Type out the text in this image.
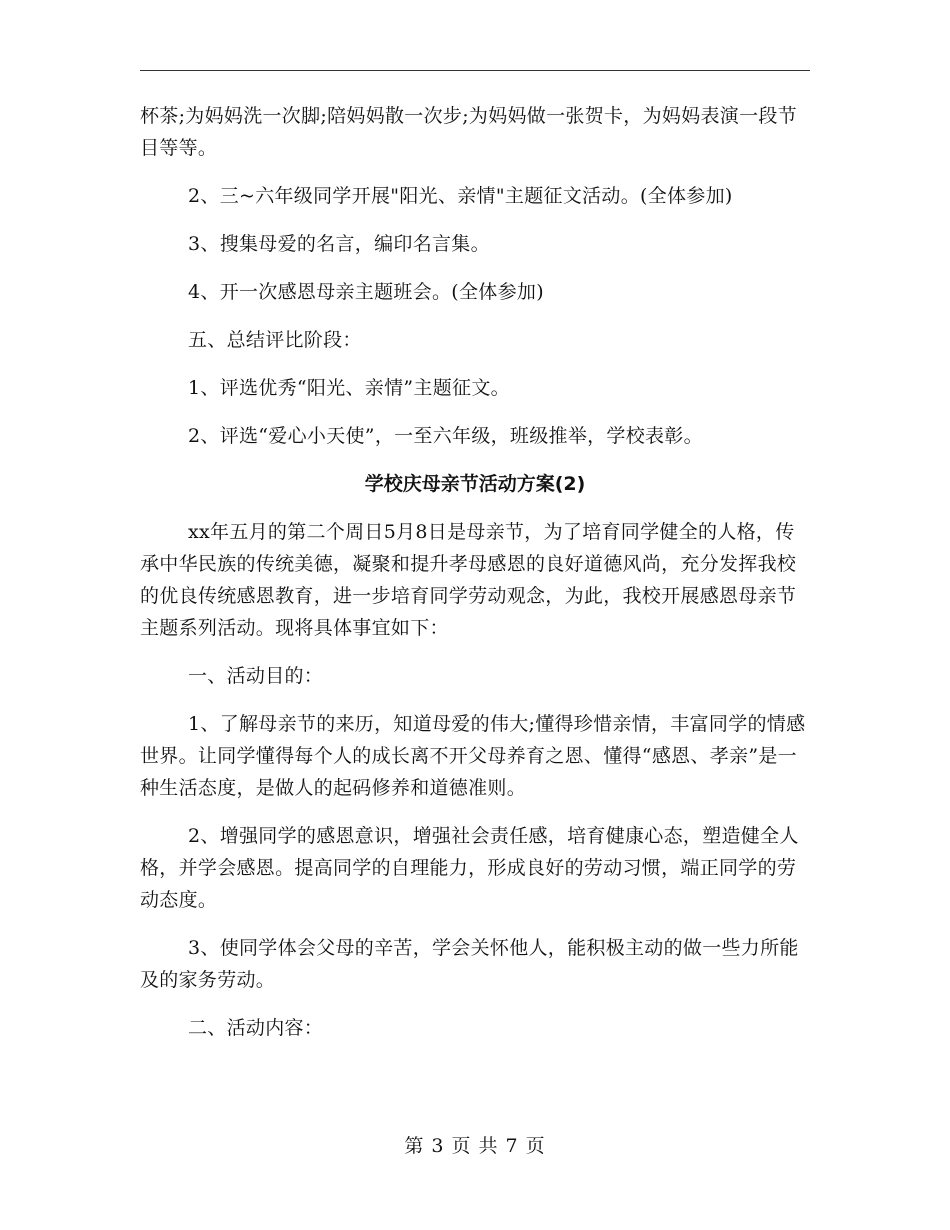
杯茶;为妈妈洗一次脚;陪妈妈散一次步;为妈妈做一张贺卡，为妈妈表演一段节目等等。

2、三~六年级同学开展"阳光、亲情"主题征文活动。(全体参加)

3、搜集母爱的名言，编印名言集。

4、开一次感恩母亲主题班会。(全体参加)

五、总结评比阶段：

1、评选优秀“阳光、亲情”主题征文。

2、评选“爱心小天使”，一至六年级，班级推举，学校表彰。

学校庆母亲节活动方案(2)

xx年五月的第二个周日5月8日是母亲节，为了培育同学健全的人格，传承中华民族的传统美德，凝聚和提升孝母感恩的良好道德风尚，充分发挥我校的优良传统感恩教育，进一步培育同学劳动观念，为此，我校开展感恩母亲节主题系列活动。现将具体事宜如下：

一、活动目的：

1、了解母亲节的来历，知道母爱的伟大;懂得珍惜亲情，丰富同学的情感世界。让同学懂得每个人的成长离不开父母养育之恩、懂得“感恩、孝亲”是一种生活态度，是做人的起码修养和道德准则。

2、增强同学的感恩意识，增强社会责任感，培育健康心态，塑造健全人格，并学会感恩。提高同学的自理能力，形成良好的劳动习惯，端正同学的劳动态度。

3、使同学体会父母的辛苦，学会关怀他人，能积极主动的做一些力所能及的家务劳动。

二、活动内容：

第 3 页 共 7 页
